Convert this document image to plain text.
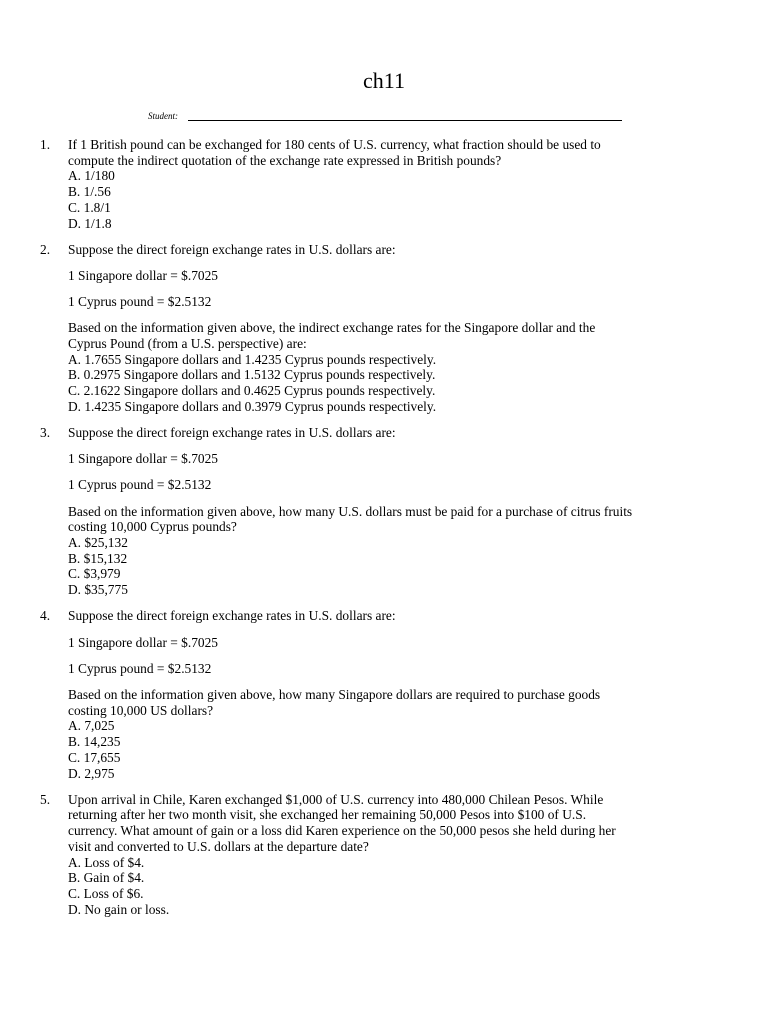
ch11
Student:
1. If 1 British pound can be exchanged for 180 cents of U.S. currency, what fraction should be used to
compute the indirect quotation of the exchange rate expressed in British pounds?
A. 1/180
B. 1/.56
C. 1.8/1
D. 1/1.8
2. Suppose the direct foreign exchange rates in U.S. dollars are:
1 Singapore dollar = $.7025
1 Cyprus pound = $2.5132
Based on the information given above, the indirect exchange rates for the Singapore dollar and the
Cyprus Pound (from a U.S. perspective) are:
A. 1.7655 Singapore dollars and 1.4235 Cyprus pounds respectively.
B. 0.2975 Singapore dollars and 1.5132 Cyprus pounds respectively.
C. 2.1622 Singapore dollars and 0.4625 Cyprus pounds respectively.
D. 1.4235 Singapore dollars and 0.3979 Cyprus pounds respectively.
3. Suppose the direct foreign exchange rates in U.S. dollars are:
1 Singapore dollar = $.7025
1 Cyprus pound = $2.5132
Based on the information given above, how many U.S. dollars must be paid for a purchase of citrus fruits
costing 10,000 Cyprus pounds?
A. $25,132
B. $15,132
C. $3,979
D. $35,775
4. Suppose the direct foreign exchange rates in U.S. dollars are:
1 Singapore dollar = $.7025
1 Cyprus pound = $2.5132
Based on the information given above, how many Singapore dollars are required to purchase goods
costing 10,000 US dollars?
A. 7,025
B. 14,235
C. 17,655
D. 2,975
5. Upon arrival in Chile, Karen exchanged $1,000 of U.S. currency into 480,000 Chilean Pesos. While
returning after her two month visit, she exchanged her remaining 50,000 Pesos into $100 of U.S.
currency. What amount of gain or a loss did Karen experience on the 50,000 pesos she held during her
visit and converted to U.S. dollars at the departure date?
A. Loss of $4.
B. Gain of $4.
C. Loss of $6.
D. No gain or loss.
